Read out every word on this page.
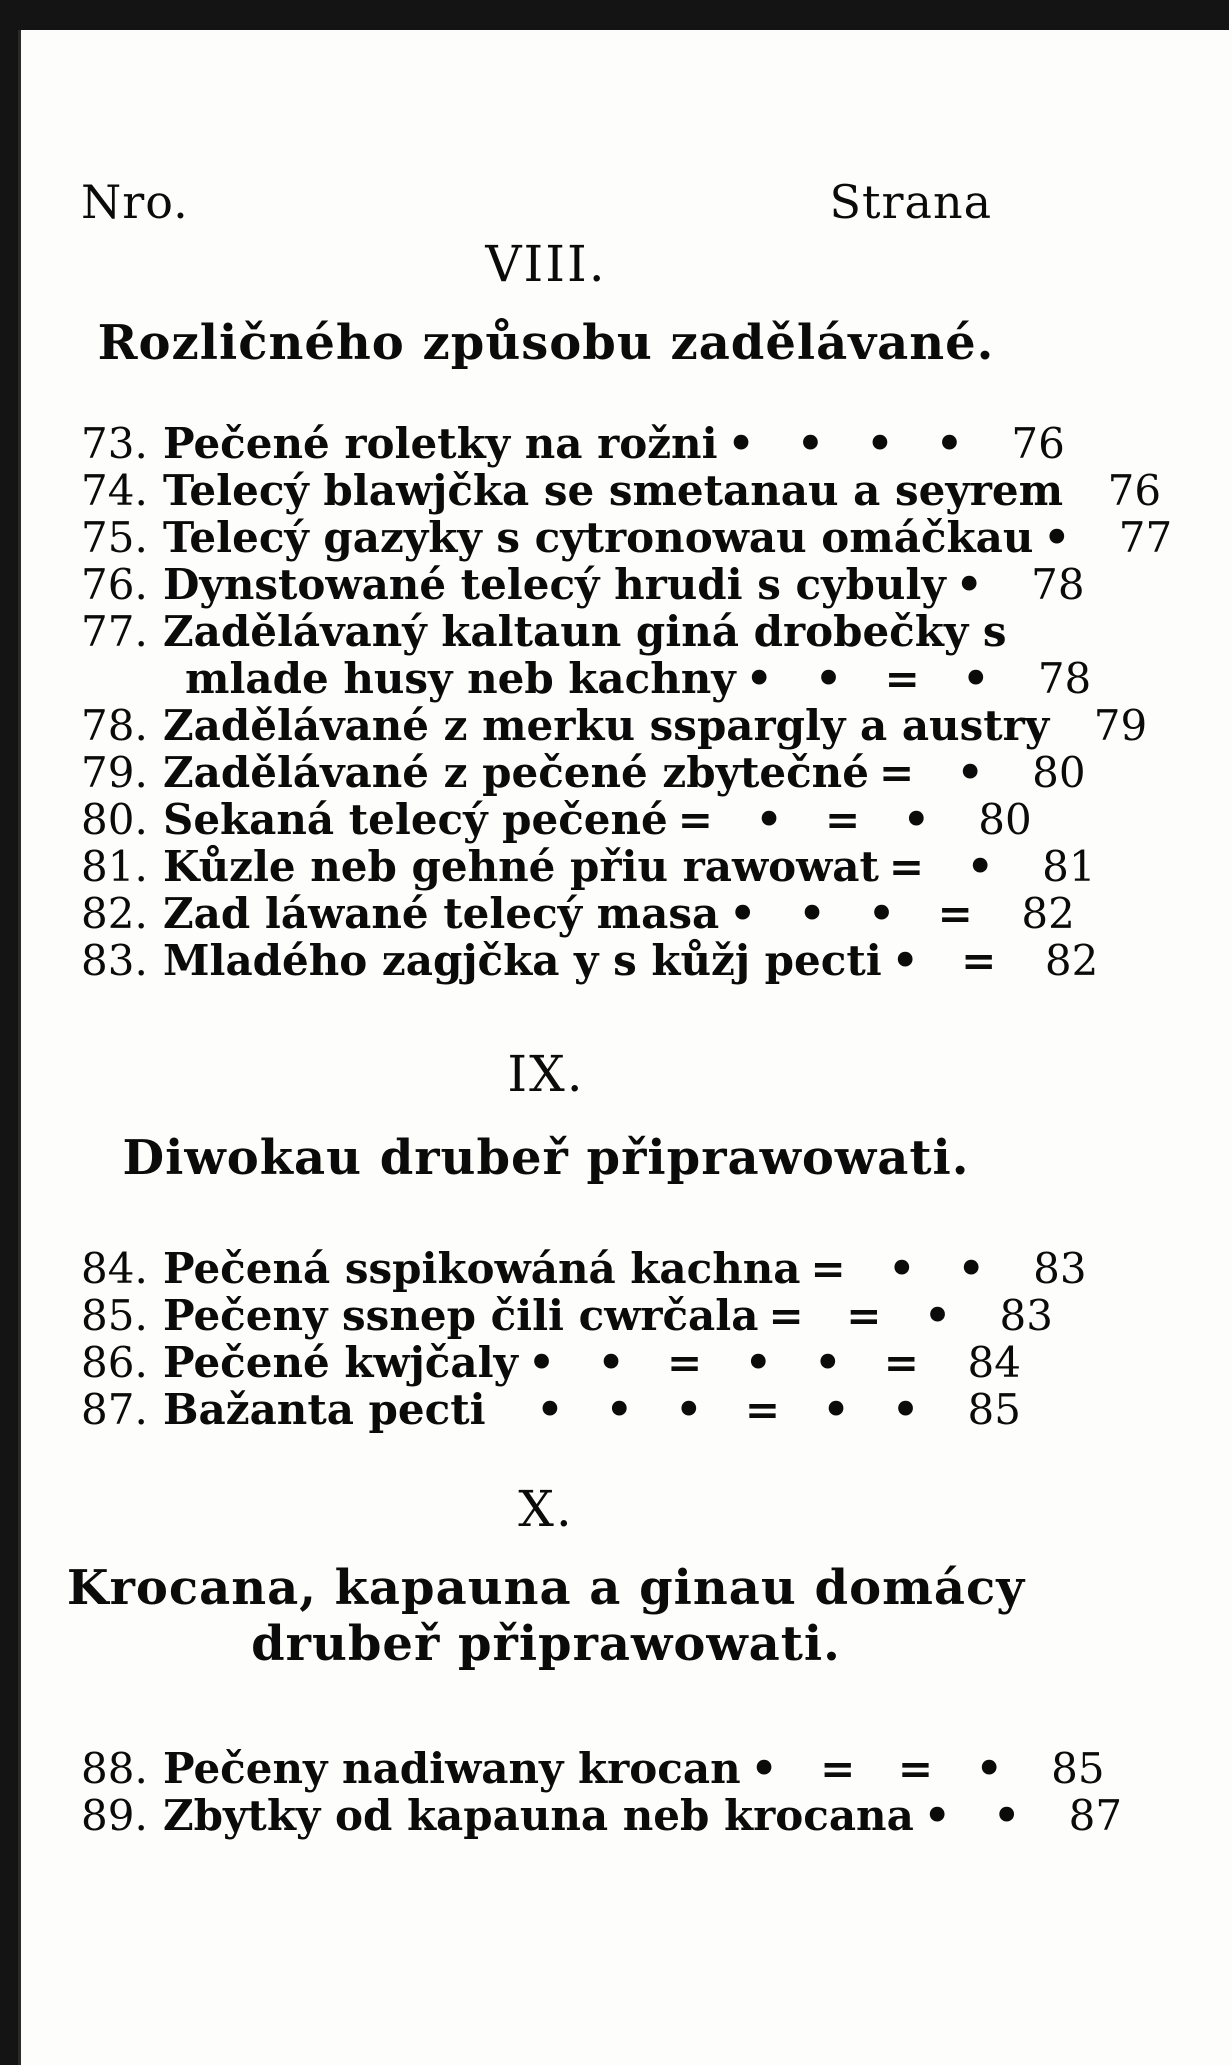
Nro.	Strana
VIII.
Rozličného způsobu zadělávané.
73. Pečené roletky na rožni • • • • 76
74. Telecý blawjčka se smetanau a seyrem	76
75. Telecý gazyky s cytronowau omáčkau • 77
76. Dynstowané telecý hrudi s cybuly • 78
77. Zadělávaný kaltaun giná drobečky s
mlade husy neb kachny • • = • 78
78. Zadělávané z merku sspargly a austry	79
79. Zadělávané z pečené zbytečné = • 80
80. Sekaná telecý pečené = • = • 80
81. Kůzle neb gehné přiu rawowat = • 81
82. Zad láwané telecý masa • • • = 82
83. Mladého zagjčka y s kůžj pecti • = 82
IX.
Diwokau drubeř připrawowati.
84. Pečená sspikowáná kachna = • • 83
85. Pečeny ssnep čili cwrčala = = • 83
86. Pečené kwjčaly • • = • • = 84
87. Bažanta pecti	• • • = • • 85
X.
Krocana, kapauna a ginau domácy
drubeř připrawowati.
88. Pečeny nadiwany krocan • = = • 85
89. Zbytky od kapauna neb krocana • • 87
